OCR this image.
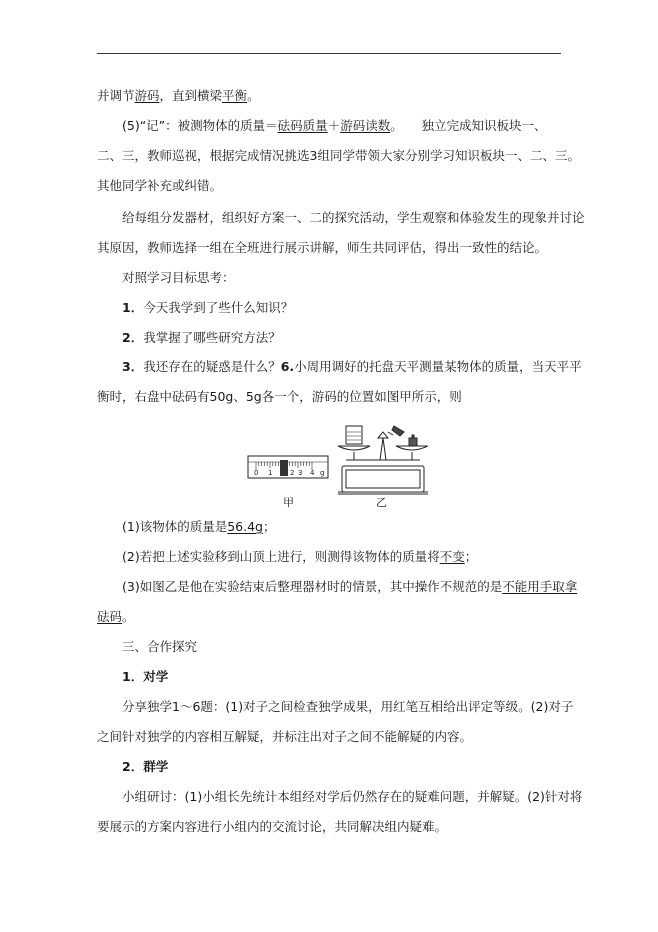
并调节游码，直到横梁平衡。
(5)“记”：被测物体的质量＝砝码质量＋游码读数。　　独立完成知识板块一、
二、三，教师巡视，根据完成情况挑选3组同学带领大家分别学习知识板块一、二、三。
其他同学补充或纠错。
给每组分发器材，组织好方案一、二的探究活动，学生观察和体验发生的现象并讨论
其原因，教师选择一组在全班进行展示讲解，师生共同评估，得出一致性的结论。
对照学习目标思考：
1．今天我学到了些什么知识？
2．我掌握了哪些研究方法？
3．我还存在的疑惑是什么？6.小周用调好的托盘天平测量某物体的质量，当天平平
衡时，右盘中砝码有50g、5g各一个，游码的位置如图甲所示，则
0 1	2 3 4 g
甲	乙
(1)该物体的质量是56.4g；
(2)若把上述实验移到山顶上进行，则测得该物体的质量将不变；
(3)如图乙是他在实验结束后整理器材时的情景，其中操作不规范的是不能用手取拿
砝码。
三、合作探究
1．对学
分享独学1～6题：(1)对子之间检查独学成果，用红笔互相给出评定等级。(2)对子
之间针对独学的内容相互解疑，并标注出对子之间不能解疑的内容。
2．群学
小组研讨：(1)小组长先统计本组经对学后仍然存在的疑难问题，并解疑。(2)针对将
要展示的方案内容进行小组内的交流讨论，共同解决组内疑难。
